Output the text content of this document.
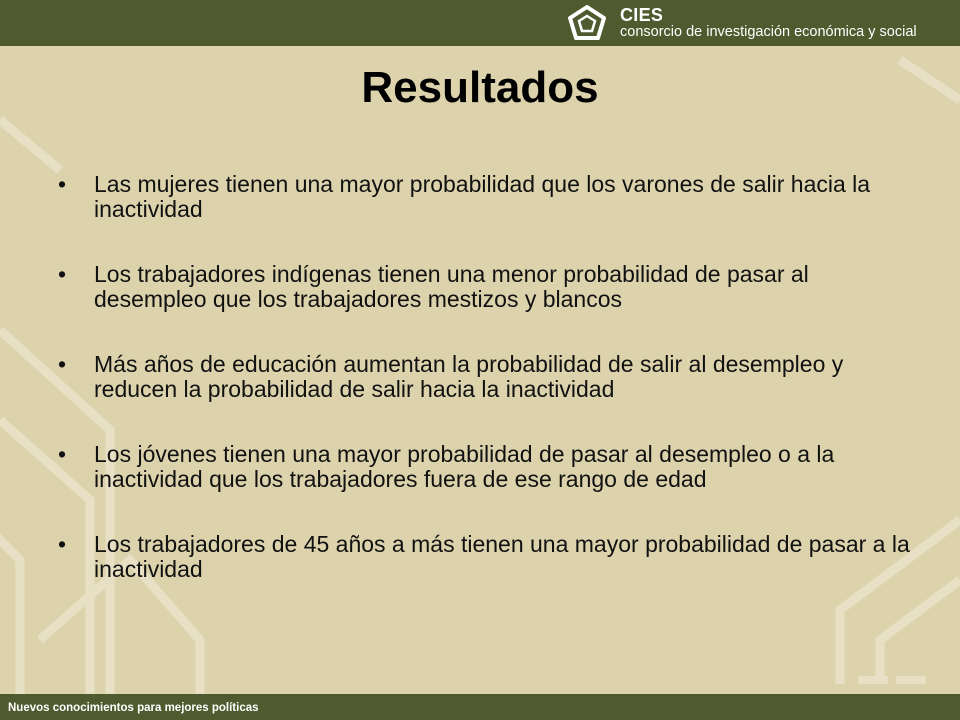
CIES
consorcio de investigación económica y social
Resultados
• Las mujeres tienen una mayor probabilidad que los varones de salir hacia la inactividad
• Los trabajadores indígenas tienen una menor probabilidad de pasar al desempleo que los trabajadores mestizos y blancos
• Más años de educación aumentan la probabilidad de salir al desempleo y reducen la probabilidad de salir hacia la inactividad
• Los jóvenes tienen una mayor probabilidad de pasar al desempleo o a la inactividad que los trabajadores fuera de ese rango de edad
• Los trabajadores de 45 años a más tienen una mayor probabilidad de pasar a la inactividad
Nuevos conocimientos para mejores políticas
